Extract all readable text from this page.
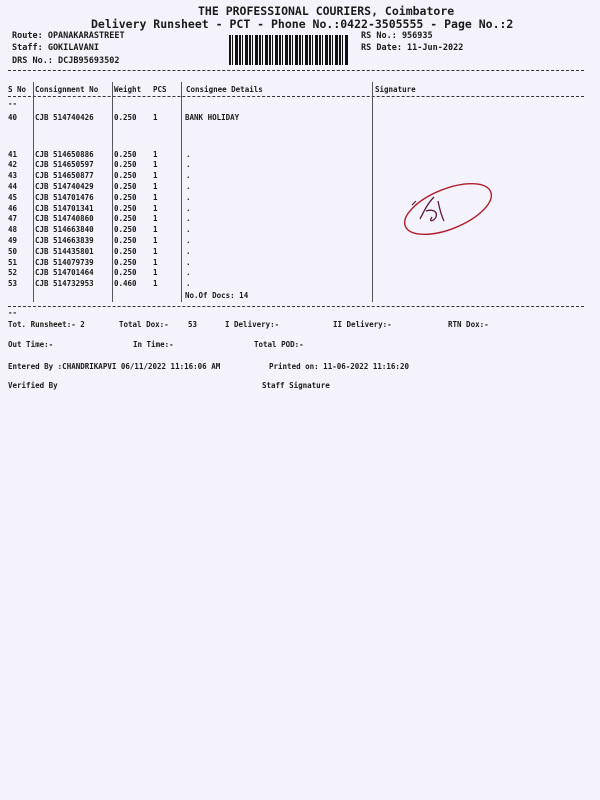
THE PROFESSIONAL COURIERS, Coimbatore
Delivery Runsheet - PCT - Phone No.:0422-3505555 - Page No.:2
Route: OPANAKARASTREET
Staff: GOKILAVANI
DRS No.: DCJB95693502
RS No.: 956935
RS Date: 11-Jun-2022
S No Consignment No Weight PCS	Consignee Details	Signature
--
40 CJB 514740426	0.250 1	BANK HOLIDAY
41 CJB 514650886	0.250 1	.
42 CJB 514650597	0.250 1	.
43 CJB 514650877	0.250 1	.
44 CJB 514740429	0.250 1	.
45 CJB 514701476	0.250 1	.
46 CJB 514701341	0.250 1	.
47 CJB 514740860	0.250 1	.
48 CJB 514663840	0.250 1	.
49 CJB 514663839	0.250 1	.
50 CJB 514435801	0.250 1	.
51 CJB 514079739	0.250 1	.
52 CJB 514701464	0.250 1	.
53 CJB 514732953	0.460 1	.
No.Of Docs: 14
--
Tot. Runsheet:- 2	Total Dox:-	53	I Delivery:-	II Delivery:-	RTN Dox:-
Out Time:-	In Time:-	Total POD:-
Entered By :CHANDRIKAPVI 06/11/2022 11:16:06 AM	Printed on: 11-06-2022 11:16:20
Verified By	Staff Signature
